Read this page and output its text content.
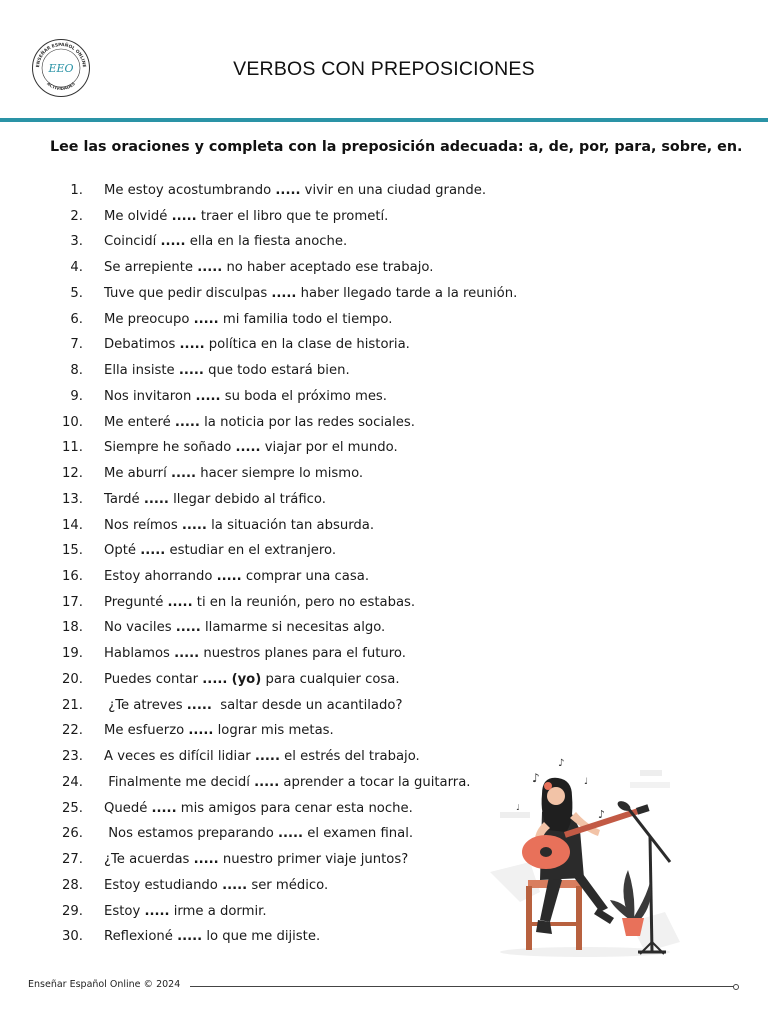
ENSEÑAR ESPAÑOL ONLINE
ACTIVIDADES
EEO	VERBOS CON PREPOSICIONES
Lee las oraciones y completa con la preposición adecuada: a, de, por, para, sobre, en.
1. Me estoy acostumbrando ..... vivir en una ciudad grande.
2. Me olvidé ..... traer el libro que te prometí.
3. Coincidí ..... ella en la fiesta anoche.
4. Se arrepiente ..... no haber aceptado ese trabajo.
5. Tuve que pedir disculpas ..... haber llegado tarde a la reunión.
6. Me preocupo ..... mi familia todo el tiempo.
7. Debatimos ..... política en la clase de historia.
8. Ella insiste ..... que todo estará bien.
9. Nos invitaron ..... su boda el próximo mes.
10. Me enteré ..... la noticia por las redes sociales.
11. Siempre he soñado ..... viajar por el mundo.
12. Me aburrí ..... hacer siempre lo mismo.
13. Tardé ..... llegar debido al tráfico.
14. Nos reímos ..... la situación tan absurda.
15. Opté ..... estudiar en el extranjero.
16. Estoy ahorrando ..... comprar una casa.
17. Pregunté ..... ti en la reunión, pero no estabas.
18. No vaciles ..... llamarme si necesitas algo.
19. Hablamos ..... nuestros planes para el futuro.
20. Puedes contar ..... (yo) para cualquier cosa.
21. ¿Te atreves .....  saltar desde un acantilado?
22. Me esfuerzo ..... lograr mis metas.
23. A veces es difícil lidiar ..... el estrés del trabajo.
24. Finalmente me decidí ..... aprender a tocar la guitarra.
25. Quedé ..... mis amigos para cenar esta noche.
26. Nos estamos preparando ..... el examen final.
27. ¿Te acuerdas ..... nuestro primer viaje juntos?
28. Estoy estudiando ..... ser médico.
29. Estoy ..... irme a dormir.
30. Reflexioné ..... lo que me dijiste.
♪
♪
♩
♪
♩
Enseñar Español Online © 2024
